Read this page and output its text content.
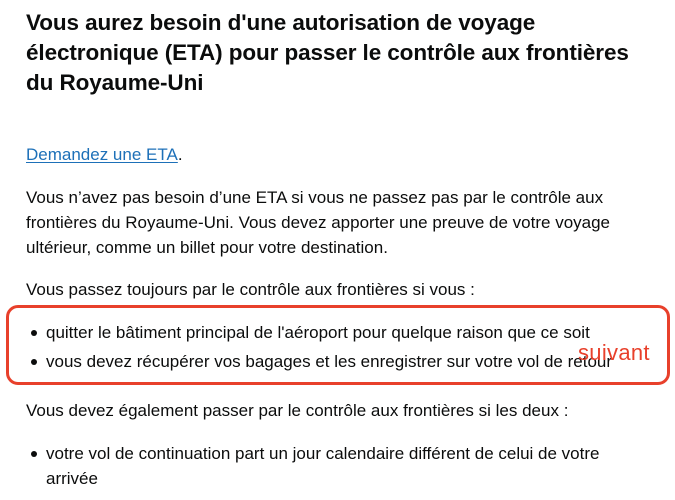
Vous aurez besoin d'une autorisation de voyage électronique (ETA) pour passer le contrôle aux frontières du Royaume-Uni

Demandez une ETA.

Vous n’avez pas besoin d’une ETA si vous ne passez pas par le contrôle aux frontières du Royaume-Uni. Vous devez apporter une preuve de votre voyage ultérieur, comme un billet pour votre destination.

Vous passez toujours par le contrôle aux frontières si vous :

quitter le bâtiment principal de l'aéroport pour quelque raison que ce soit
vous devez récupérer vos bagages et les enregistrer sur votre vol de retour

Vous devez également passer par le contrôle aux frontières si les deux :

votre vol de continuation part un jour calendaire différent de celui de votre arrivée
suivant
